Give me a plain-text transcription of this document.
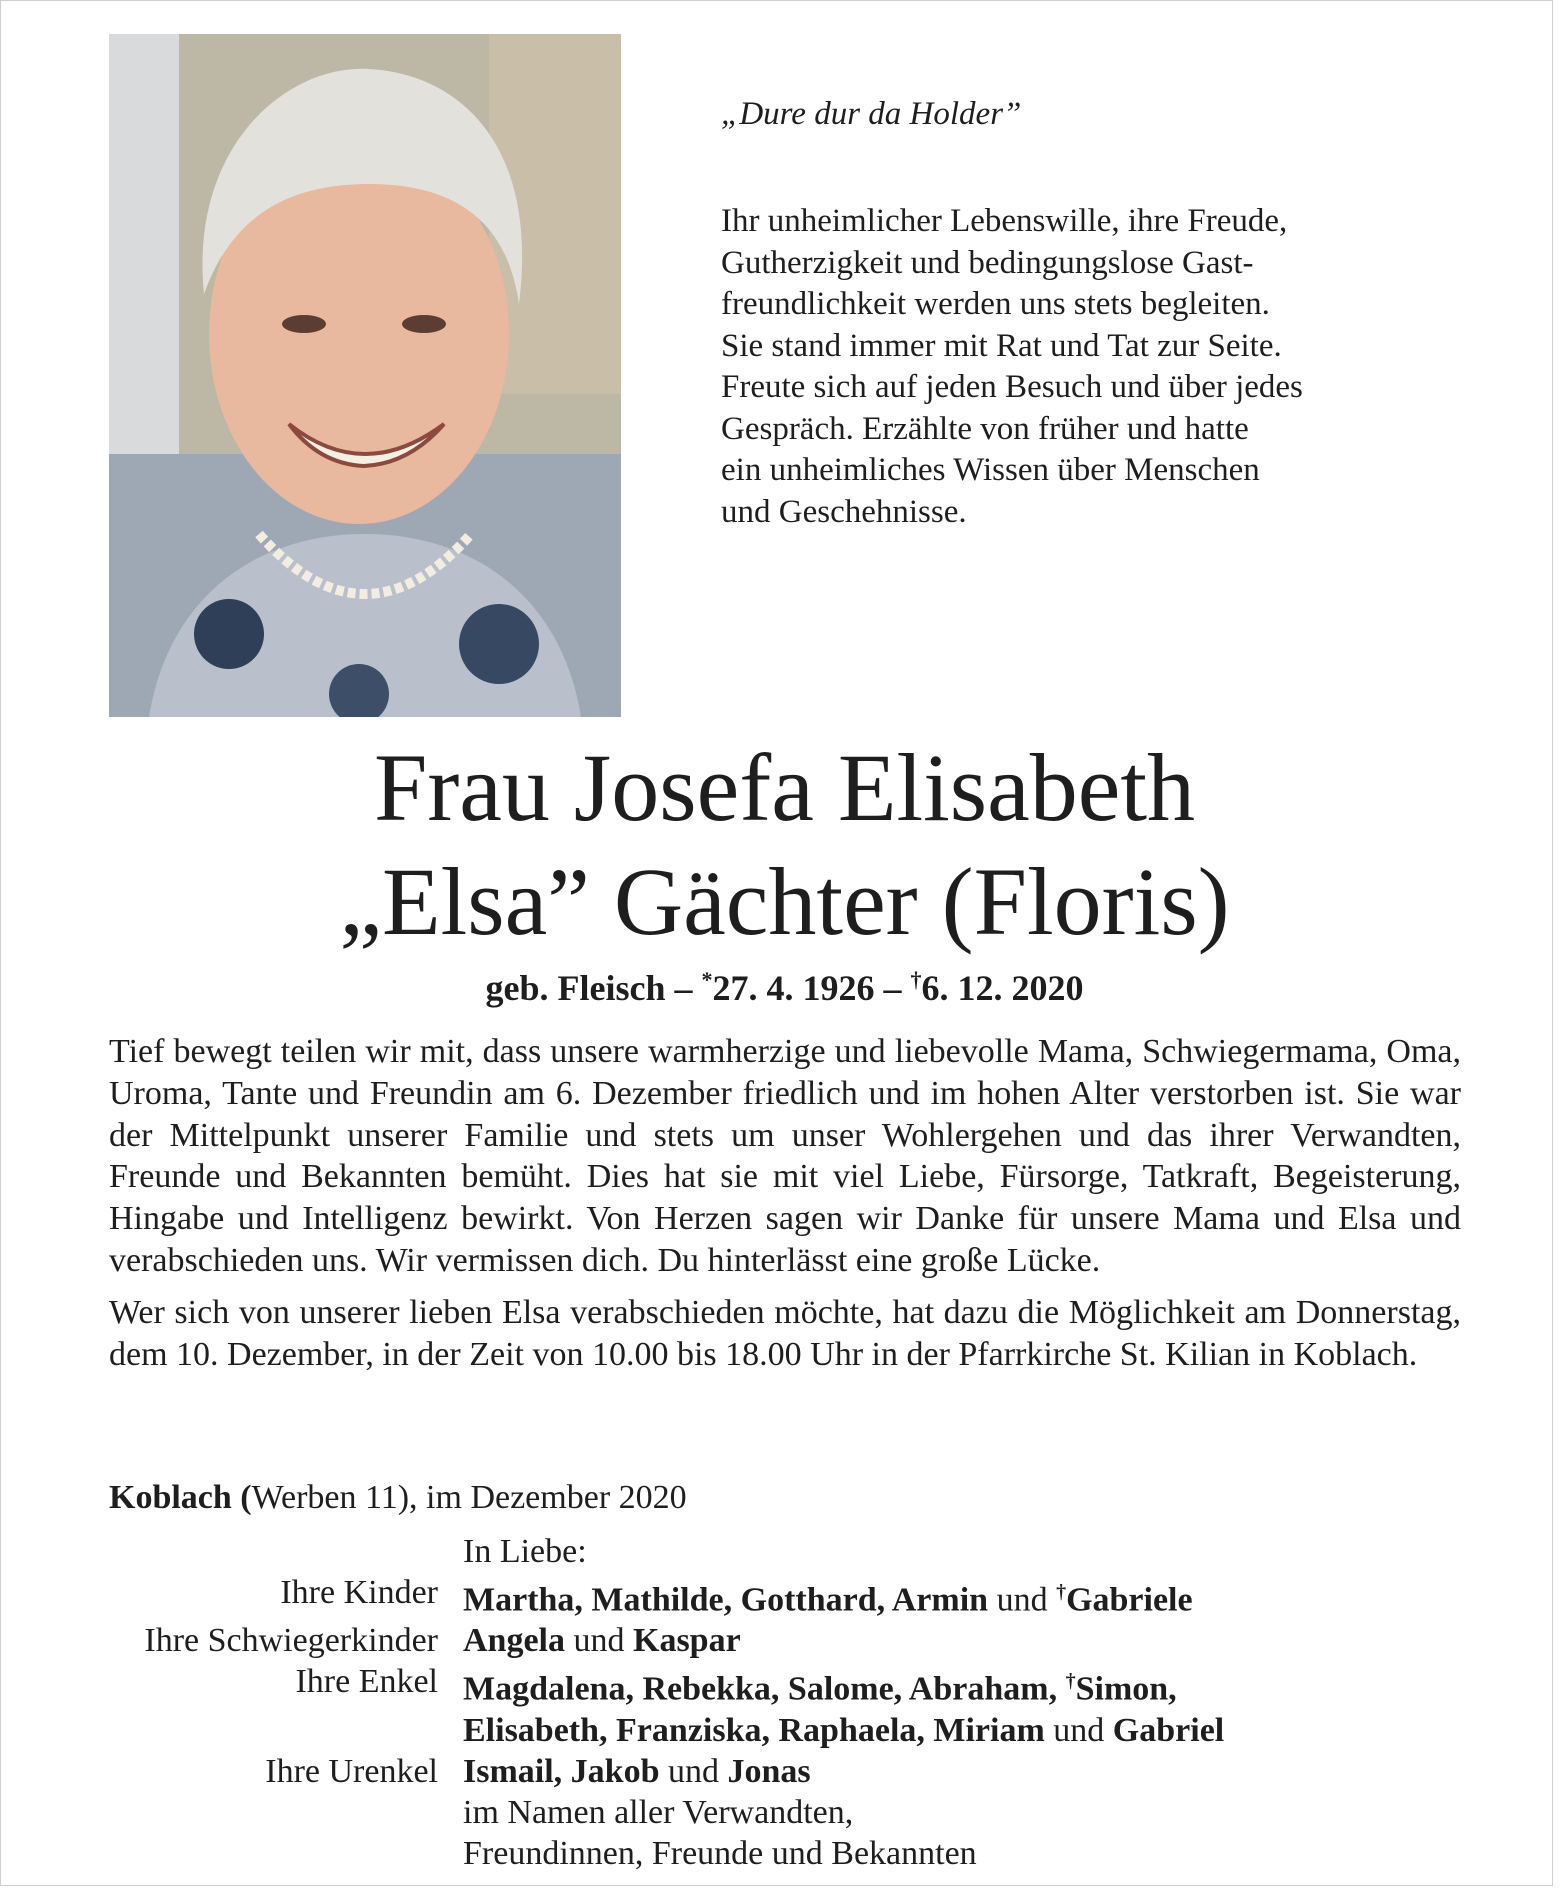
„Dure dur da Holder”
Ihr unheimlicher Lebenswille, ihre Freude,
Gutherzigkeit und bedingungslose Gast-
freundlichkeit werden uns stets begleiten.
Sie stand immer mit Rat und Tat zur Seite.
Freute sich auf jeden Besuch und über jedes
Gespräch. Erzählte von früher und hatte
ein unheimliches Wissen über Menschen
und Geschehnisse.
Frau Josefa Elisabeth
„Elsa” Gächter (Floris)
geb. Fleisch – *27. 4. 1926 – †6. 12. 2020

Tief bewegt teilen wir mit, dass unsere warmherzige und liebevolle Mama, Schwiegermama, Oma, Uroma, Tante und Freundin am 6. Dezember friedlich und im hohen Alter verstorben ist. Sie war der Mittelpunkt unserer Familie und stets um unser Wohlergehen und das ihrer Verwandten, Freunde und Bekannten bemüht. Dies hat sie mit viel Liebe, Fürsorge, Tatkraft, Begeisterung, Hingabe und Intelligenz bewirkt. Von Herzen sagen wir Danke für unsere Mama und Elsa und verabschieden uns. Wir vermissen dich. Du hinterlässt eine große Lücke.

Wer sich von unserer lieben Elsa verabschieden möchte, hat dazu die Möglichkeit am Donnerstag, dem 10. Dezember, in der Zeit von 10.00 bis 18.00 Uhr in der Pfarrkirche St. Kilian in Koblach.

Koblach (Werben 11), im Dezember 2020
In Liebe:
Ihre Kinder Martha, Mathilde, Gotthard, Armin und †Gabriele
Ihre Schwiegerkinder Angela und Kaspar
Ihre Enkel Magdalena, Rebekka, Salome, Abraham, †Simon,
Elisabeth, Franziska, Raphaela, Miriam und Gabriel
Ihre Urenkel Ismail, Jakob und Jonas
im Namen aller Verwandten,
Freundinnen, Freunde und Bekannten
